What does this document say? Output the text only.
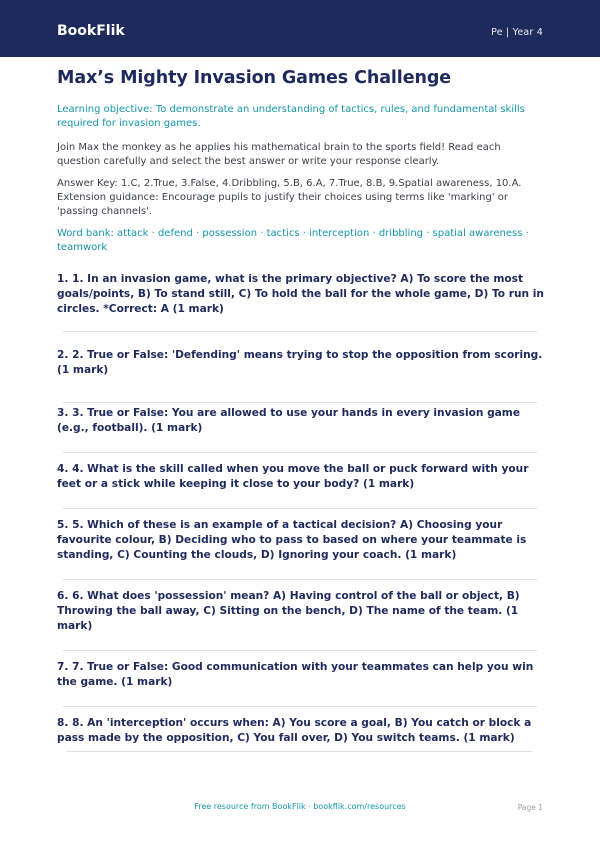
BookFlik	Pe | Year 4
Max’s Mighty Invasion Games Challenge

Learning objective: To demonstrate an understanding of tactics, rules, and fundamental skills required for invasion games.

Join Max the monkey as he applies his mathematical brain to the sports field! Read each question carefully and select the best answer or write your response clearly.

Answer Key: 1.C, 2.True, 3.False, 4.Dribbling, 5.B, 6.A, 7.True, 8.B, 9.Spatial awareness, 10.A. Extension guidance: Encourage pupils to justify their choices using terms like 'marking' or 'passing channels'.

Word bank: attack · defend · possession · tactics · interception · dribbling · spatial awareness · teamwork

1. 1. In an invasion game, what is the primary objective? A) To score the most goals/points, B) To stand still, C) To hold the ball for the whole game, D) To run in circles. *Correct: A (1 mark)
2. 2. True or False: 'Defending' means trying to stop the opposition from scoring. (1 mark)
3. 3. True or False: You are allowed to use your hands in every invasion game (e.g., football). (1 mark)
4. 4. What is the skill called when you move the ball or puck forward with your feet or a stick while keeping it close to your body? (1 mark)
5. 5. Which of these is an example of a tactical decision? A) Choosing your favourite colour, B) Deciding who to pass to based on where your teammate is standing, C) Counting the clouds, D) Ignoring your coach. (1 mark)
6. 6. What does 'possession' mean? A) Having control of the ball or object, B) Throwing the ball away, C) Sitting on the bench, D) The name of the team. (1 mark)
7. 7. True or False: Good communication with your teammates can help you win the game. (1 mark)
8. 8. An 'interception' occurs when: A) You score a goal, B) You catch or block a pass made by the opposition, C) You fall over, D) You switch teams. (1 mark)
Free resource from BookFlik · bookflik.com/resources	Page 1
